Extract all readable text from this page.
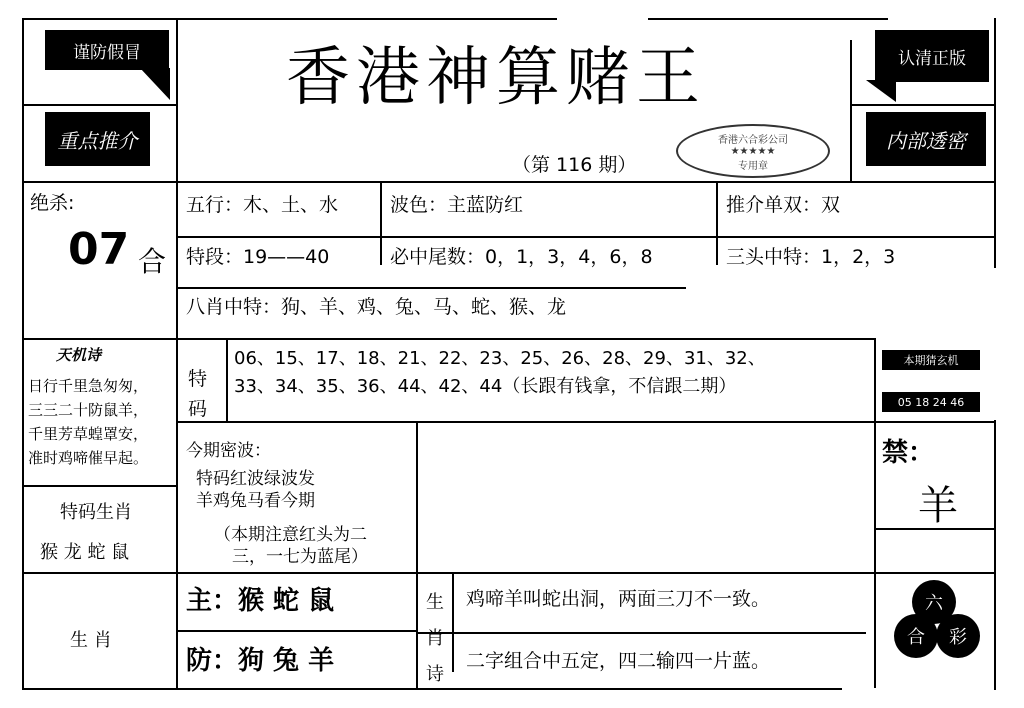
谨防假冒	认清正版
香港神算赌王
重点推介	内部透密
香港六合彩公司
★★★★★
专用章
（第 116 期）
绝杀:
07 合
五行：木、土、水	波色：主蓝防红	推介单双：双
特段：19——40	必中尾数：0，1，3，4，6，8	三头中特：1，2，3
八肖中特：狗、羊、鸡、兔、马、蛇、猴、龙
天机诗
日行千里急匆匆，
三三二十防鼠羊，
千里芳草蝗罩安，
准时鸡啼催早起。
特
码
06、15、17、18、21、22、23、25、26、28、29、31、32、
33、34、35、36、44、42、44（长跟有钱拿，不信跟二期）
本期猜玄机
05 18 24 46
今期密波：
特码红波绿波发
羊鸡兔马看今期
（本期注意红头为二
三，一七为蓝尾）
禁：
羊
特码生肖
猴 龙 蛇 鼠
生 肖
主：猴 蛇 鼠
防：狗 兔 羊
生
肖
诗
鸡啼羊叫蛇出洞，两面三刀不一致。
二字组合中五定，四二输四一片蓝。
六
合 彩
